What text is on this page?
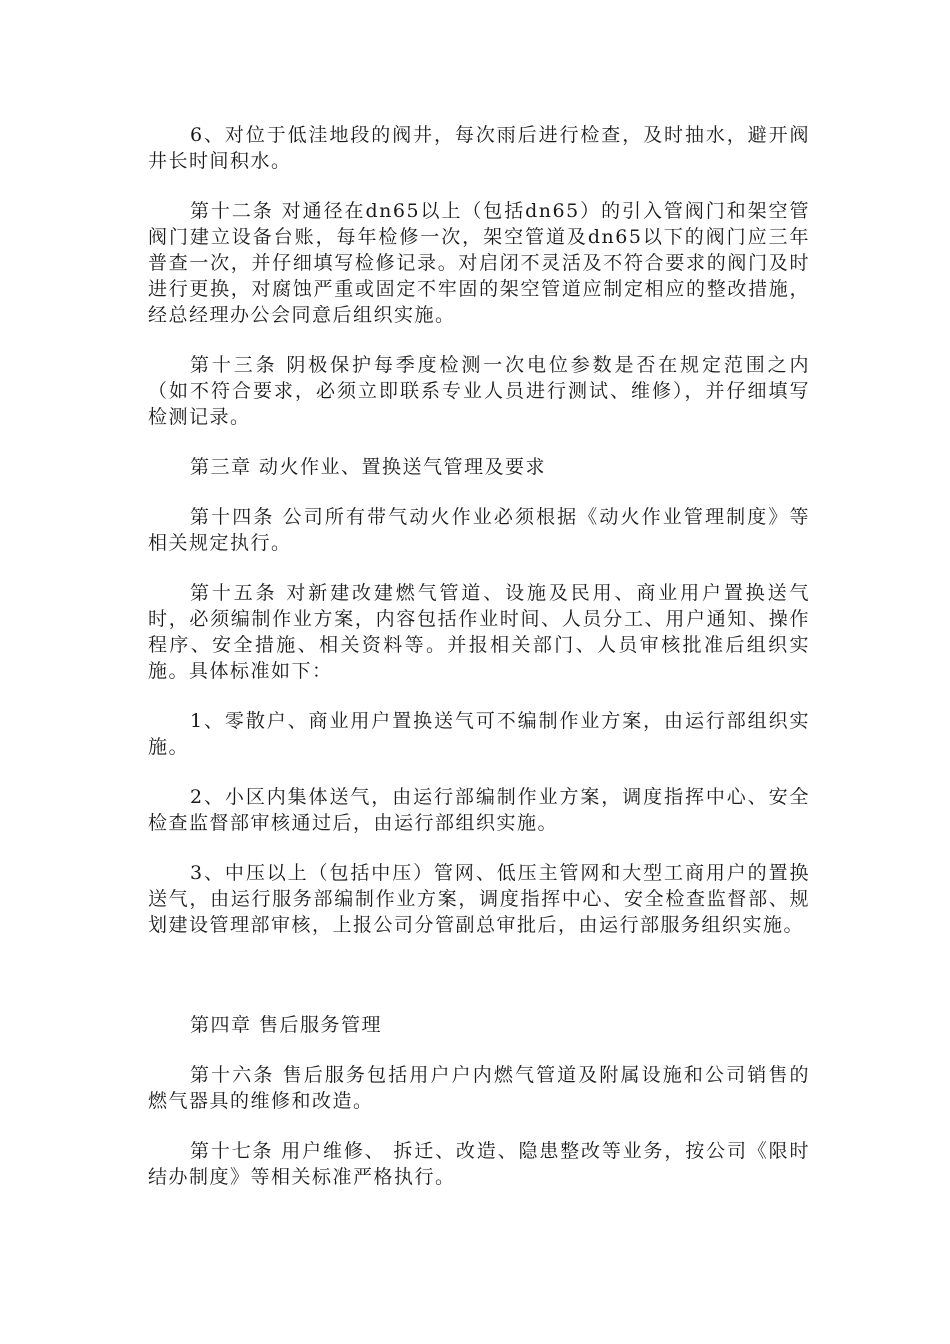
6、对位于低洼地段的阀井，每次雨后进行检查，及时抽水，避开阀井长时间积水。

第十二条 对通径在dn65以上（包括dn65）的引入管阀门和架空管阀门建立设备台账，每年检修一次，架空管道及dn65以下的阀门应三年普查一次，并仔细填写检修记录。对启闭不灵活及不符合要求的阀门及时进行更换，对腐蚀严重或固定不牢固的架空管道应制定相应的整改措施，经总经理办公会同意后组织实施。

第十三条 阴极保护每季度检测一次电位参数是否在规定范围之内（如不符合要求，必须立即联系专业人员进行测试、维修），并仔细填写检测记录。

第三章 动火作业、置换送气管理及要求

第十四条 公司所有带气动火作业必须根据《动火作业管理制度》等相关规定执行。

第十五条 对新建改建燃气管道、设施及民用、商业用户置换送气时，必须编制作业方案，内容包括作业时间、人员分工、用户通知、操作程序、安全措施、相关资料等。并报相关部门、人员审核批准后组织实施。具体标准如下：

1、零散户、商业用户置换送气可不编制作业方案，由运行部组织实施。

2、小区内集体送气，由运行部编制作业方案，调度指挥中心、安全检查监督部审核通过后，由运行部组织实施。

3、中压以上（包括中压）管网、低压主管网和大型工商用户的置换送气，由运行服务部编制作业方案，调度指挥中心、安全检查监督部、规划建设管理部审核，上报公司分管副总审批后，由运行部服务组织实施。

第四章 售后服务管理

第十六条 售后服务包括用户户内燃气管道及附属设施和公司销售的燃气器具的维修和改造。

第十七条 用户维修、 拆迁、改造、隐患整改等业务，按公司《限时结办制度》等相关标准严格执行。
